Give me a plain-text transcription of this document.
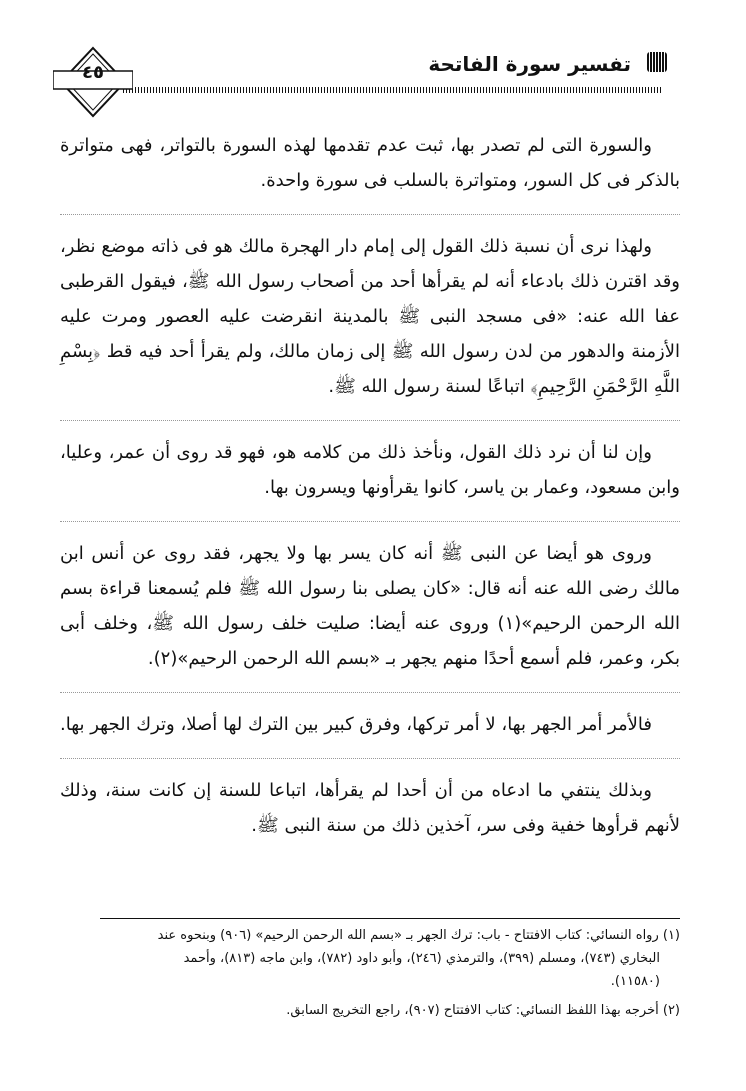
تفسير سورة الفاتحة
٤٥

والسورة التى لم تصدر بها، ثبت عدم تقدمها لهذه السورة بالتواتر، فهى متواترة بالذكر فى كل السور، ومتواترة بالسلب فى سورة واحدة.

ولهذا نرى أن نسبة ذلك القول إلى إمام دار الهجرة مالك هو فى ذاته موضع نظر، وقد اقترن ذلك بادعاء أنه لم يقرأها أحد من أصحاب رسول الله ﷺ، فيقول القرطبى عفا الله عنه: «فى مسجد النبى ﷺ بالمدينة انقرضت عليه العصور ومرت عليه الأزمنة والدهور من لدن رسول الله ﷺ إلى زمان مالك، ولم يقرأ أحد فيه قط ﴿بِسْمِ اللَّهِ الرَّحْمَنِ الرَّحِيمِ﴾ اتباعًا لسنة رسول الله ﷺ.

وإن لنا أن نرد ذلك القول، ونأخذ ذلك من كلامه هو، فهو قد روى أن عمر، وعليا، وابن مسعود، وعمار بن ياسر، كانوا يقرأونها ويسرون بها.

وروى هو أيضا عن النبى ﷺ أنه كان يسر بها ولا يجهر، فقد روى عن أنس ابن مالك رضى الله عنه أنه قال: «كان يصلى بنا رسول الله ﷺ فلم يُسمعنا قراءة بسم الله الرحمن الرحيم»(١) وروى عنه أيضا: صليت خلف رسول الله ﷺ، وخلف أبى بكر، وعمر، فلم أسمع أحدًا منهم يجهر بـ «بسم الله الرحمن الرحيم»(٢).

فالأمر أمر الجهر بها، لا أمر تركها، وفرق كبير بين الترك لها أصلا، وترك الجهر بها.

وبذلك ينتفي ما ادعاه من أن أحدا لم يقرأها، اتباعا للسنة إن كانت سنة، وذلك لأنهم قرأوها خفية وفى سر، آخذين ذلك من سنة النبى ﷺ.

(١) رواه النسائي: كتاب الافتتاح - باب: ترك الجهر بـ «بسم الله الرحمن الرحيم» (٩٠٦) وبنحوه عند
البخاري (٧٤٣)، ومسلم (٣٩٩)، والترمذي (٢٤٦)، وأبو داود (٧٨٢)، وابن ماجه (٨١٣)، وأحمد
(١١٥٨٠).
(٢) أخرجه بهذا اللفظ النسائي: كتاب الافتتاح (٩٠٧)، راجع التخريج السابق.
